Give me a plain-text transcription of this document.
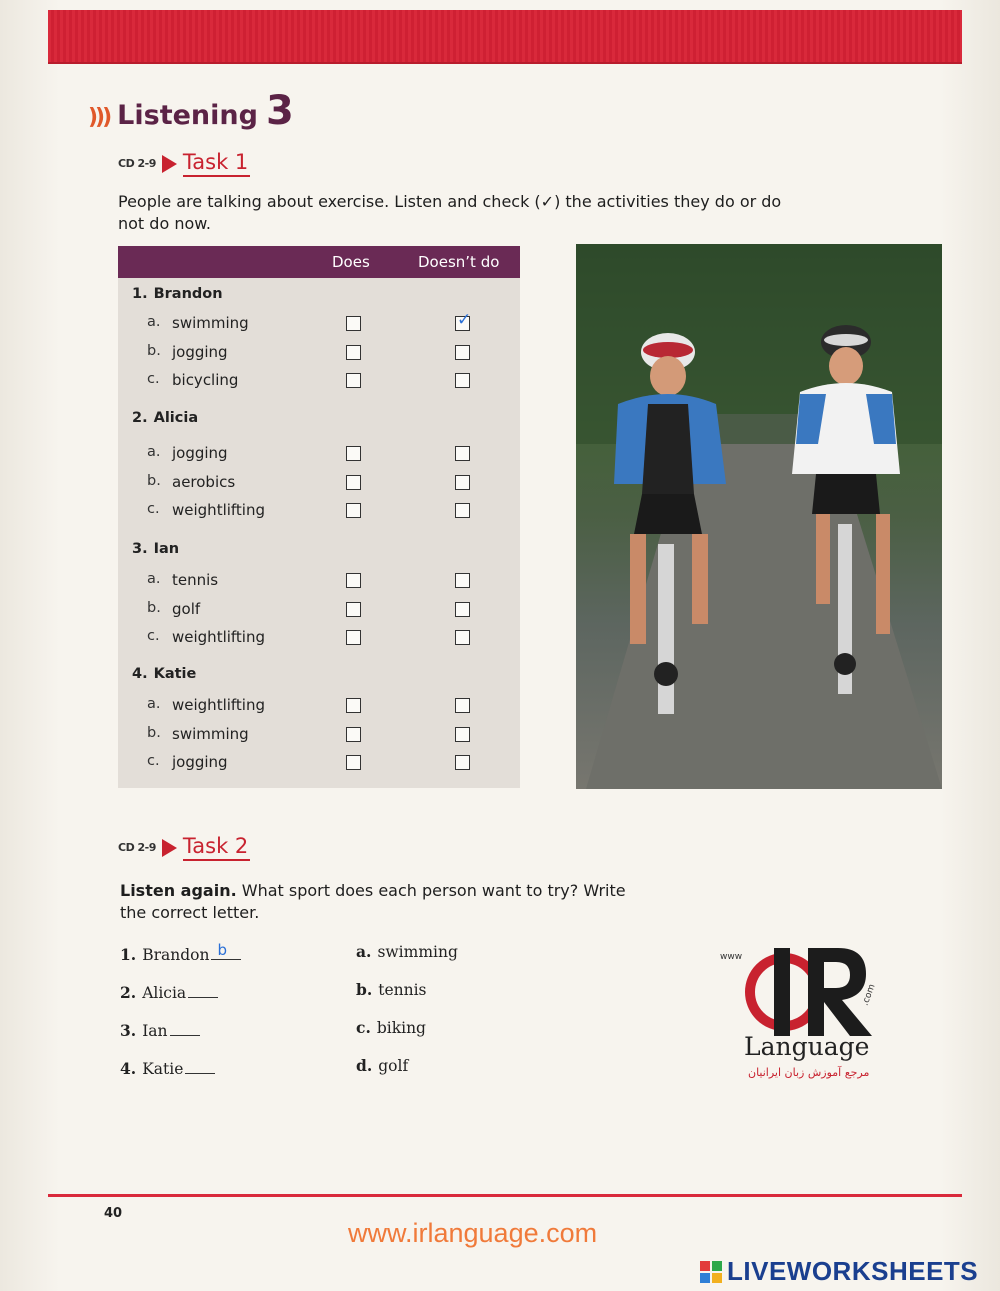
))) Listening 3
CD 2-9 Task 1
People are talking about exercise. Listen and check (✓) the activities they do or do not do now.
Does	Doesn’t do
1. Brandon
a. swimming	✓
b. jogging
c. bicycling
2. Alicia
a. jogging
b. aerobics
c. weightlifting
3. Ian
a. tennis
b. golf
c. weightlifting
4. Katie
a. weightlifting
b. swimming
c. jogging
CD 2-9 Task 2
Listen again. What sport does each person want to try? Write the correct letter.
1. Brandon b
2. Alicia
3. Ian
4. Katie
a. swimming
b. tennis
c. biking
d. golf
www
.com
Language
مرجع آموزش زبان ایرانیان
40
www.irlanguage.com
LIVEWORKSHEETS
